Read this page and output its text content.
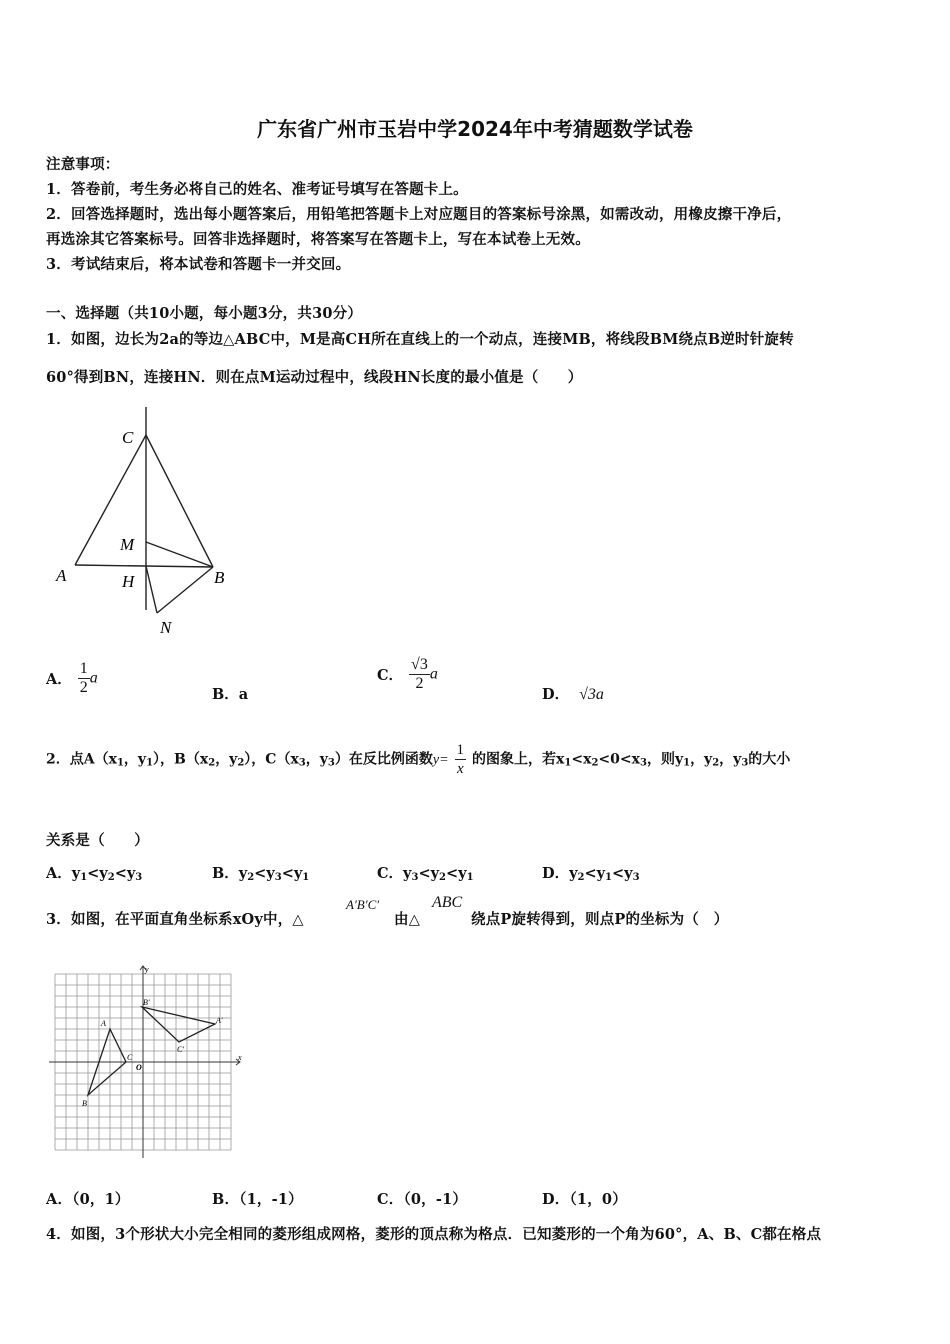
广东省广州市玉岩中学2024年中考猜题数学试卷
注意事项：
1．答卷前，考生务必将自己的姓名、准考证号填写在答题卡上。
2．回答选择题时，选出每小题答案后，用铅笔把答题卡上对应题目的答案标号涂黑，如需改动，用橡皮擦干净后，
再选涂其它答案标号。回答非选择题时，将答案写在答题卡上，写在本试卷上无效。
3．考试结束后，将本试卷和答题卡一并交回。
一、选择题（共10小题，每小题3分，共30分）
1．如图，边长为2a的等边△ABC中，M是高CH所在直线上的一个动点，连接MB，将线段BM绕点B逆时针旋转
60°得到BN，连接HN．则在点M运动过程中，线段HN长度的最小值是（　　）
C
M
A	H	B
N
A． $\frac{1}{2}$ a
B．a
C． $\frac{√3}{2}$ a
D． √3a
2．点$A(x_1$，$y_1$），$B(x_2$，$y_2$），$C(x_3$，$y_3$）在反比例函数$y= \frac{1}{x}$ 的图象上，若$x_1<x_2<0<x_3$，则$y_1$，$y_2$，$y_3$的大小
关系是（　　）
A．$y_1<y_2<y_3$	B．$y_2<y_3<y_1$	C．$y_3<y_2<y_1$	D．$y_2<y_1<y_3$
3．如图，在平面直角坐标系xOy中，△
A′B′C′
由△
ABC
绕点P旋转得到，则点P的坐标为（　）
y
x
O
A
B
C
A′
B′
C′
A．（0，1）	B．（1，-1）	C．（0，-1）	D．（1，0）
4．如图，3个形状大小完全相同的菱形组成网格，菱形的顶点称为格点．已知菱形的一个角为60°，A、B、C都在格点
